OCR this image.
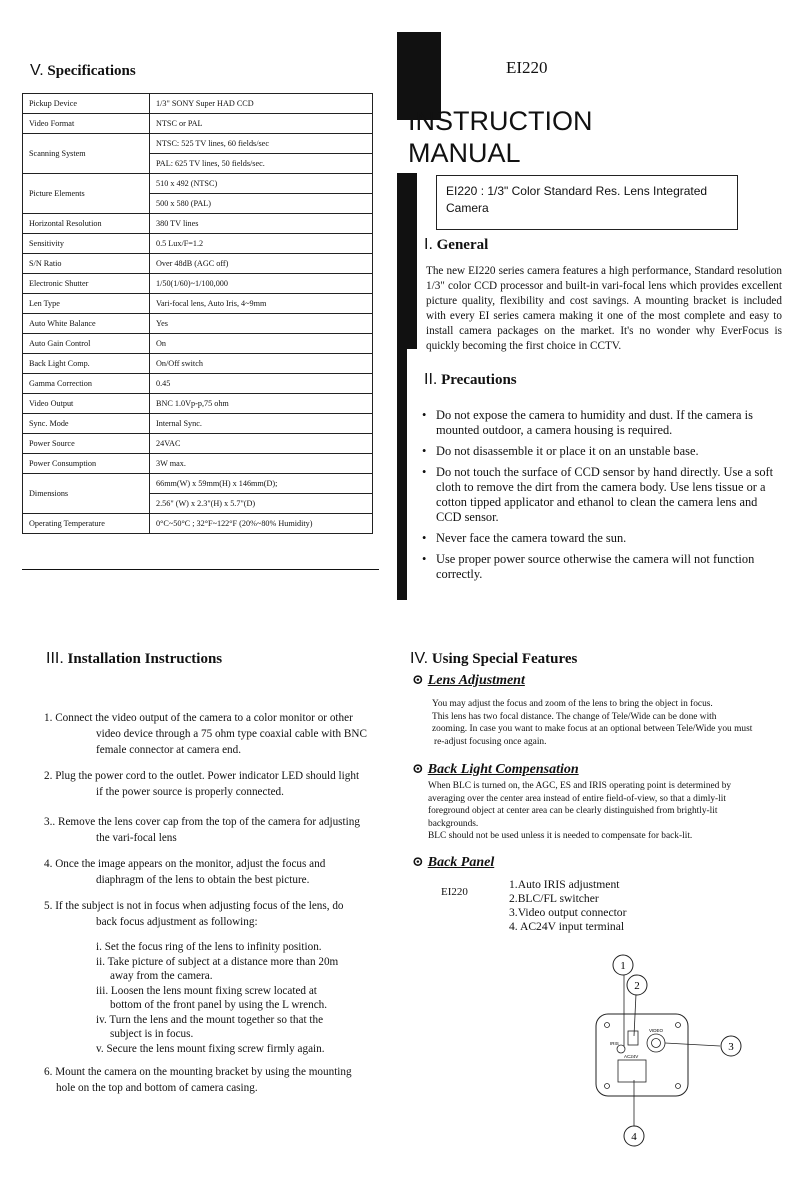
V. Specifications
Pickup Device	1/3" SONY Super HAD CCD
Video Format	NTSC or PAL
Scanning System	NTSC: 525 TV lines, 60 fields/sec
	PAL: 625 TV lines, 50 fields/sec.
Picture Elements	510 x 492 (NTSC)
	500 x 580 (PAL)
Horizontal Resolution	380 TV lines
Sensitivity	0.5 Lux/F=1.2
S/N Ratio	Over 48dB (AGC off)
Electronic Shutter	1/50(1/60)~1/100,000
Len Type	Vari-focal lens, Auto Iris, 4~9mm
Auto White Balance	Yes
Auto Gain Control	On
Back Light Comp.	On/Off switch
Gamma Correction	0.45
Video Output	BNC 1.0Vp-p,75 ohm
Sync. Mode	Internal Sync.
Power Source	24VAC
Power Consumption	3W max.
Dimensions	66mm(W) x 59mm(H) x 146mm(D);
	2.56" (W) x 2.3"(H) x 5.7"(D)
Operating Temperature	0°C~50°C ; 32°F~122°F (20%~80% Humidity)
EI220
INSTRUCTION
MANUAL
EI220 : 1/3" Color Standard Res. Lens Integrated
Camera
I. General
The new EI220 series camera features a high performance, Standard resolution 1/3" color CCD processor and built-in vari-focal lens which provides excellent picture quality, flexibility and cost savings. A mounting bracket is included with every EI series camera making it one of the most complete and easy to install camera packages on the market. It's no wonder why EverFocus is quickly becoming the first choice in CCTV.
II. Precautions
• Do not expose the camera to humidity and dust. If the camera is mounted outdoor, a camera housing is required.
• Do not disassemble it or place it on an unstable base.
• Do not touch the surface of CCD sensor by hand directly. Use a soft cloth to remove the dirt from the camera body. Use lens tissue or a cotton tipped applicator and ethanol to clean the camera lens and CCD sensor.
• Never face the camera toward the sun.
• Use proper power source otherwise the camera will not function correctly.
III. Installation Instructions
1. Connect the video output of the camera to a color monitor or other
video device through a 75 ohm type coaxial cable with BNC female connector at camera end.
2. Plug the power cord to the outlet. Power indicator LED should light
if the power source is properly connected.
3.. Remove the lens cover cap from the top of the camera for adjusting
the vari-focal lens
4. Once the image appears on the monitor, adjust the focus and
diaphragm of the lens to obtain the best picture.
5. If the subject is not in focus when adjusting focus of the lens, do
back focus adjustment as following:
i. Set the focus ring of the lens to infinity position.
ii. Take picture of subject at a distance more than 20m
away from the camera.
iii. Loosen the lens mount fixing screw located at
bottom of the front panel by using the L wrench.
iv. Turn the lens and the mount together so that the
subject is in focus.
v. Secure the lens mount fixing screw firmly again.
6. Mount the camera on the mounting bracket by using the mounting
hole on the top and bottom of camera casing.
IV. Using Special Features
⊙ Lens Adjustment
You may adjust the focus and zoom of the lens to bring the object in focus.
This lens has two focal distance. The change of Tele/Wide can be done with
zooming. In case you want to make focus at an optional between Tele/Wide you must
re-adjust focusing once again.
⊙ Back Light Compensation
When BLC is turned on, the AGC, ES and IRIS operating point is determined by
averaging over the center area instead of entire field-of-view, so that a dimly-lit
foreground object at center area can be clearly distinguished from brightly-lit
backgrounds.
BLC should not be used unless it is needed to compensate for back-lit.
⊙ Back Panel
EI220
1.Auto IRIS adjustment
2.BLC/FL switcher
3.Video output connector
4. AC24V input terminal
IRIS
VIDEO
AC24V
1
2
3
4
